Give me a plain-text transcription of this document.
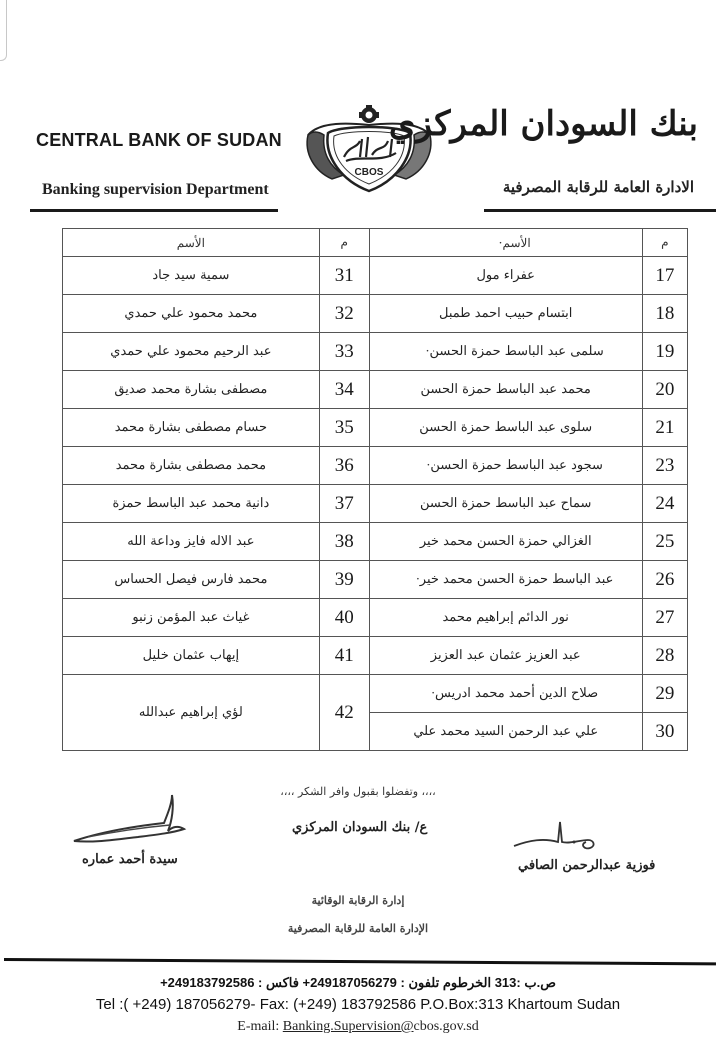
CENTRAL BANK OF SUDAN
Banking supervision Department
CBOS
بنك السودان المركزي
الادارة العامة للرقابة المصرفية
م	الأسم·	م	الأسم
17	عفراء مول	31	سمية سيد جاد
18	ابتسام حبيب احمد طمبل	32	محمد محمود علي حمدي
19	سلمى عبد الباسط حمزة الحسن·	33	عبد الرحيم محمود علي حمدي
20	محمد عبد الباسط حمزة الحسن	34	مصطفى بشارة محمد صديق
21	سلوى عبد الباسط حمزة الحسن	35	حسام مصطفى بشارة محمد
23	سجود عبد الباسط حمزة الحسن·	36	محمد مصطفى بشارة محمد
24	سماح عبد الباسط حمزة الحسن	37	دانية محمد عبد الباسط حمزة
25	الغزالي حمزة الحسن محمد خير	38	عبد الاله فايز وداعة الله
26	عبد الباسط حمزة الحسن محمد خير·	39	محمد فارس فيصل الحساس
27	نور الدائم إبراهيم محمد	40	غياث عبد المؤمن زنبو
28	عبد العزيز عثمان عبد العزيز	41	إيهاب عثمان خليل
29	صلاح الدين أحمد محمد ادريس·	42	لؤي إبراهيم عبدالله
30	علي عبد الرحمن السيد محمد علي		
،،،، وتفضلوا بقبول وافر الشكر ،،،،
سيدة أحمد عماره
ع/ بنك السودان المركزي
فوزية عبدالرحمن الصافي
إدارة الرقابة الوقائية
الإدارة العامة للرقابة المصرفية
ص.ب :313 الخرطوم تلفون : 249187056279+ فاكس : 249183792586+
Tel :( +249) 187056279- Fax: (+249) 183792586 P.O.Box:313 Khartoum Sudan
E-mail: Banking.Supervision@cbos.gov.sd
